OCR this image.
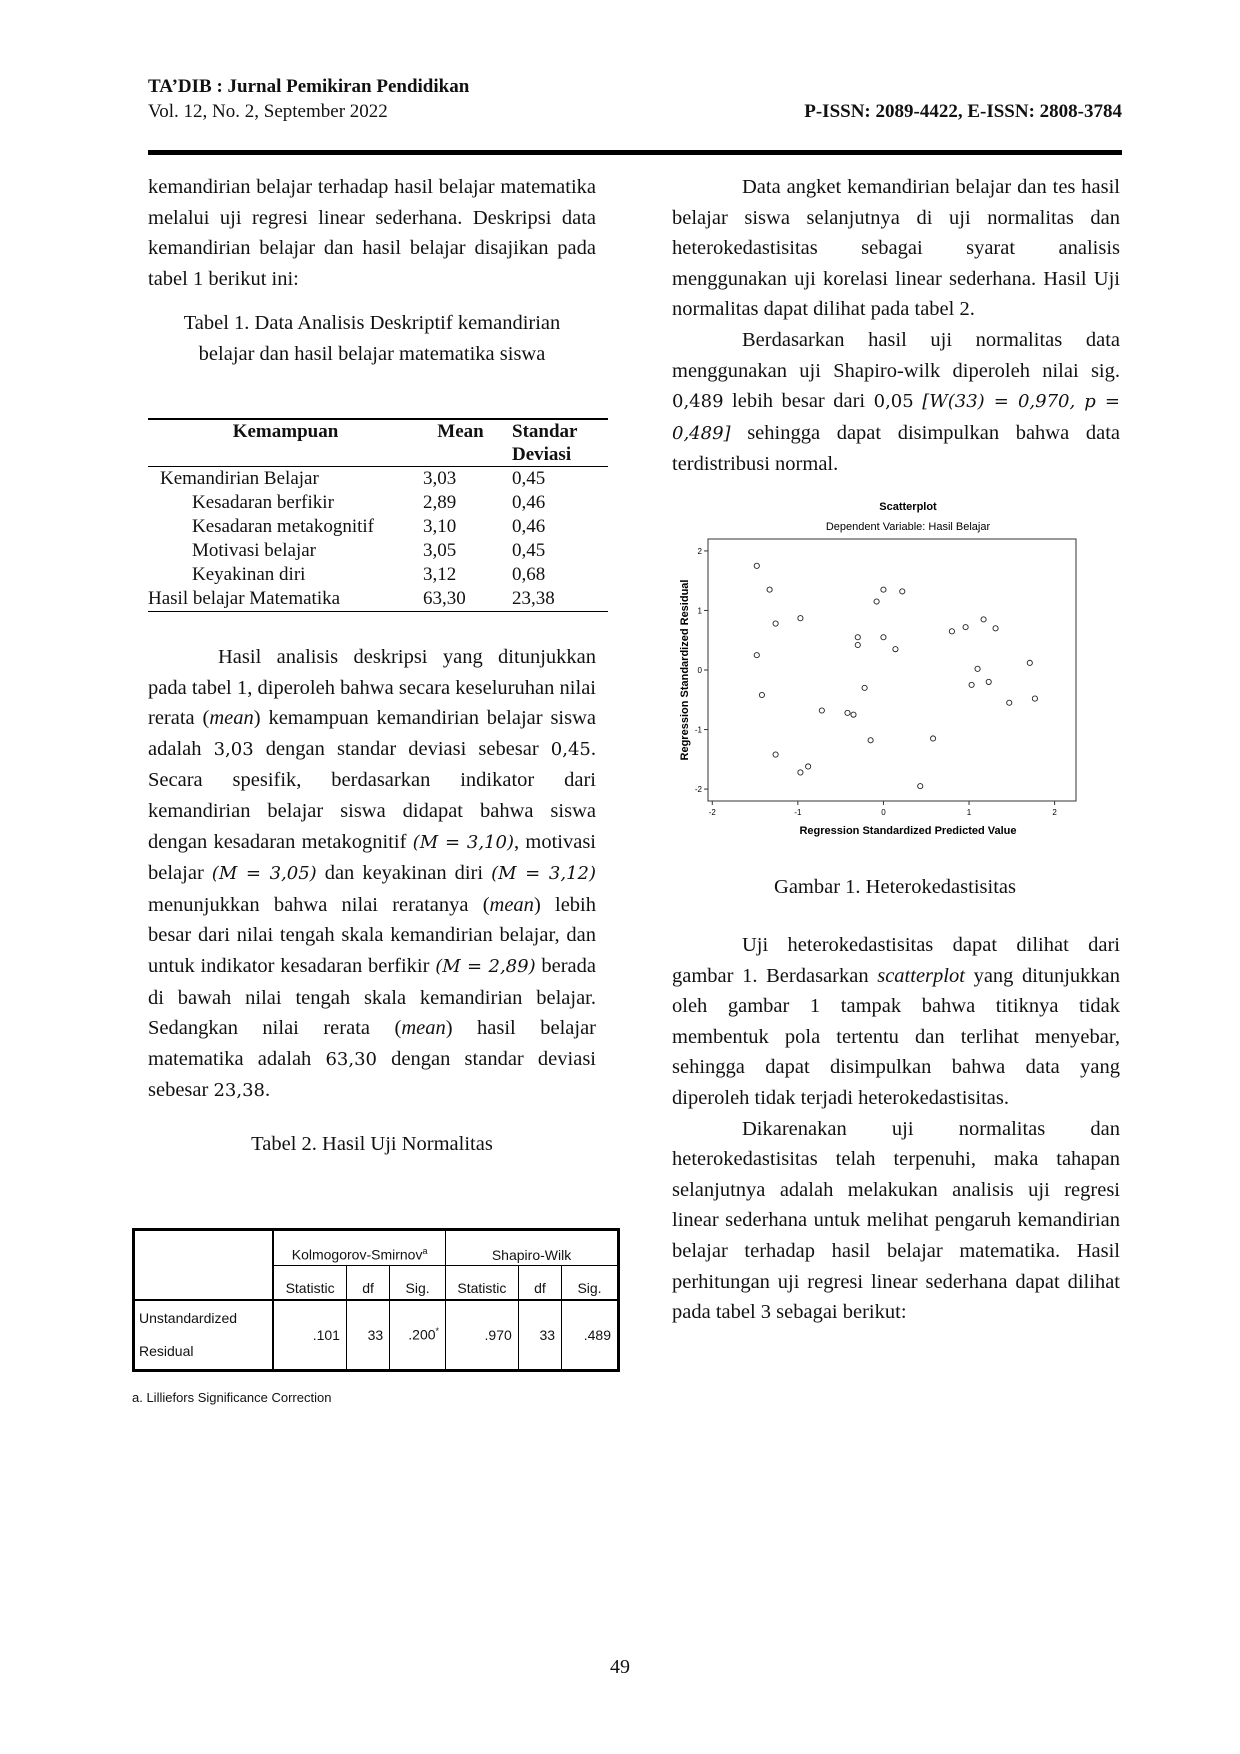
TA’DIB : Jurnal Pemikiran Pendidikan
Vol. 12, No. 2, September 2022	P-ISSN: 2089-4422, E-ISSN: 2808-3784

kemandirian belajar terhadap hasil belajar matematika melalui uji regresi linear sederhana. Deskripsi data kemandirian belajar dan hasil belajar disajikan pada tabel 1 berikut ini:

Tabel 1. Data Analisis Deskriptif kemandirian
belajar dan hasil belajar matematika siswa
Kemampuan	Mean	Standar

		Deviasi
Kemandirian Belajar	3,03	0,45
Kesadaran berfikir	2,89	0,46
Kesadaran metakognitif	3,10	0,46
Motivasi belajar	3,05	0,45
Keyakinan diri	3,12	0,68
Hasil belajar Matematika	63,30	23,38

Hasil analisis deskripsi yang ditunjukkan pada tabel 1, diperoleh bahwa secara keseluruhan nilai rerata (mean) kemampuan kemandirian belajar siswa adalah 3,03 dengan standar deviasi sebesar 0,45. Secara spesifik, berdasarkan indikator dari kemandirian belajar siswa didapat bahwa siswa dengan kesadaran metakognitif (M = 3,10), motivasi belajar (M = 3,05) dan keyakinan diri (M = 3,12) menunjukkan bahwa nilai reratanya (mean) lebih besar dari nilai tengah skala kemandirian belajar, dan untuk indikator kesadaran berfikir (M = 2,89) berada di bawah nilai tengah skala kemandirian belajar. Sedangkan nilai rerata (mean) hasil belajar matematika adalah 63,30 dengan standar deviasi sebesar 23,38.

Tabel 2. Hasil Uji Normalitas
	Kolmogorov-Smirnov$^a$			Shapiro-Wilk		
	Statistic	df	Sig.	Statistic	df	Sig.

Unstandardized
Residual	.101	33	.200*	.970	33	.489
a. Lilliefors Significance Correction

Data angket kemandirian belajar dan tes hasil belajar siswa selanjutnya di uji normalitas dan heterokedastisitas sebagai syarat analisis menggunakan uji korelasi linear sederhana. Hasil Uji normalitas dapat dilihat pada tabel 2.

Berdasarkan hasil uji normalitas data menggunakan uji Shapiro-wilk diperoleh nilai sig. 0,489 lebih besar dari 0,05 [W(33) = 0,970, p = 0,489] sehingga dapat disimpulkan bahwa data terdistribusi normal.

Scatterplot
Dependent Variable: Hasil Belajar
Regression Standardized Predicted Value
Regression Standardized Residual
-2	-1	0	1	2
2
1
0
-1
-2
Gambar 1. Heterokedastisitas

Uji heterokedastisitas dapat dilihat dari gambar 1. Berdasarkan scatterplot yang ditunjukkan oleh gambar 1 tampak bahwa titiknya tidak membentuk pola tertentu dan terlihat menyebar, sehingga dapat disimpulkan bahwa data yang diperoleh tidak terjadi heterokedastisitas.

Dikarenakan uji normalitas dan heterokedastisitas telah terpenuhi, maka tahapan selanjutnya adalah melakukan analisis uji regresi linear sederhana untuk melihat pengaruh kemandirian belajar terhadap hasil belajar matematika. Hasil perhitungan uji regresi linear sederhana dapat dilihat pada tabel 3 sebagai berikut:

49
